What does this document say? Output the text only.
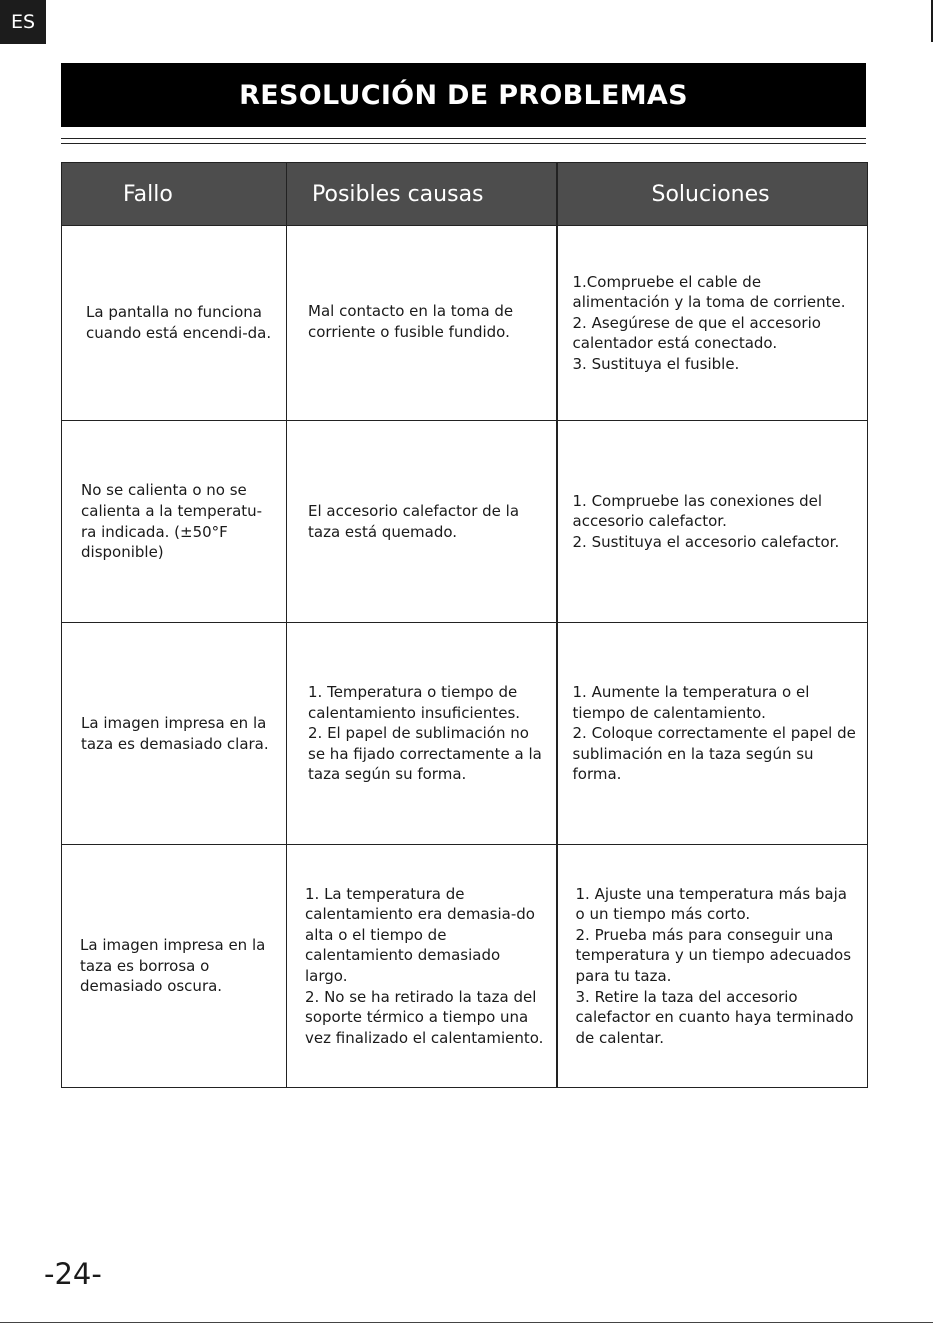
ES
RESOLUCIÓN DE PROBLEMAS
Fallo	Posibles causas	Soluciones

La pantalla no funciona cuando está encendi-da.	Mal contacto en la toma de corriente o fusible fundido.	1.Compruebe el cable de alimentación y la toma de corriente.
2. Asegúrese de que el accesorio calentador está conectado.
3. Sustituya el fusible.

No se calienta o no se calienta a la temperatu-ra indicada. (±50°F disponible)	El accesorio calefactor de la taza está quemado.	1. Compruebe las conexiones del accesorio calefactor.
2. Sustituya el accesorio calefactor.

La imagen impresa en la taza es demasiado clara.	1. Temperatura o tiempo de calentamiento insuficientes.
2. El papel de sublimación no se ha fijado correctamente a la taza según su forma.	1. Aumente la temperatura o el tiempo de calentamiento.
2. Coloque correctamente el papel de sublimación en la taza según su forma.

La imagen impresa en la taza es borrosa o demasiado oscura.	1. La temperatura de calentamiento era demasia-do alta o el tiempo de calentamiento demasiado largo.
2. No se ha retirado la taza del soporte térmico a tiempo una vez finalizado el calentamiento.	1. Ajuste una temperatura más baja o un tiempo más corto.
2. Prueba más para conseguir una temperatura y un tiempo adecuados para tu taza.
3. Retire la taza del accesorio calefactor en cuanto haya terminado de calentar.
-24-
